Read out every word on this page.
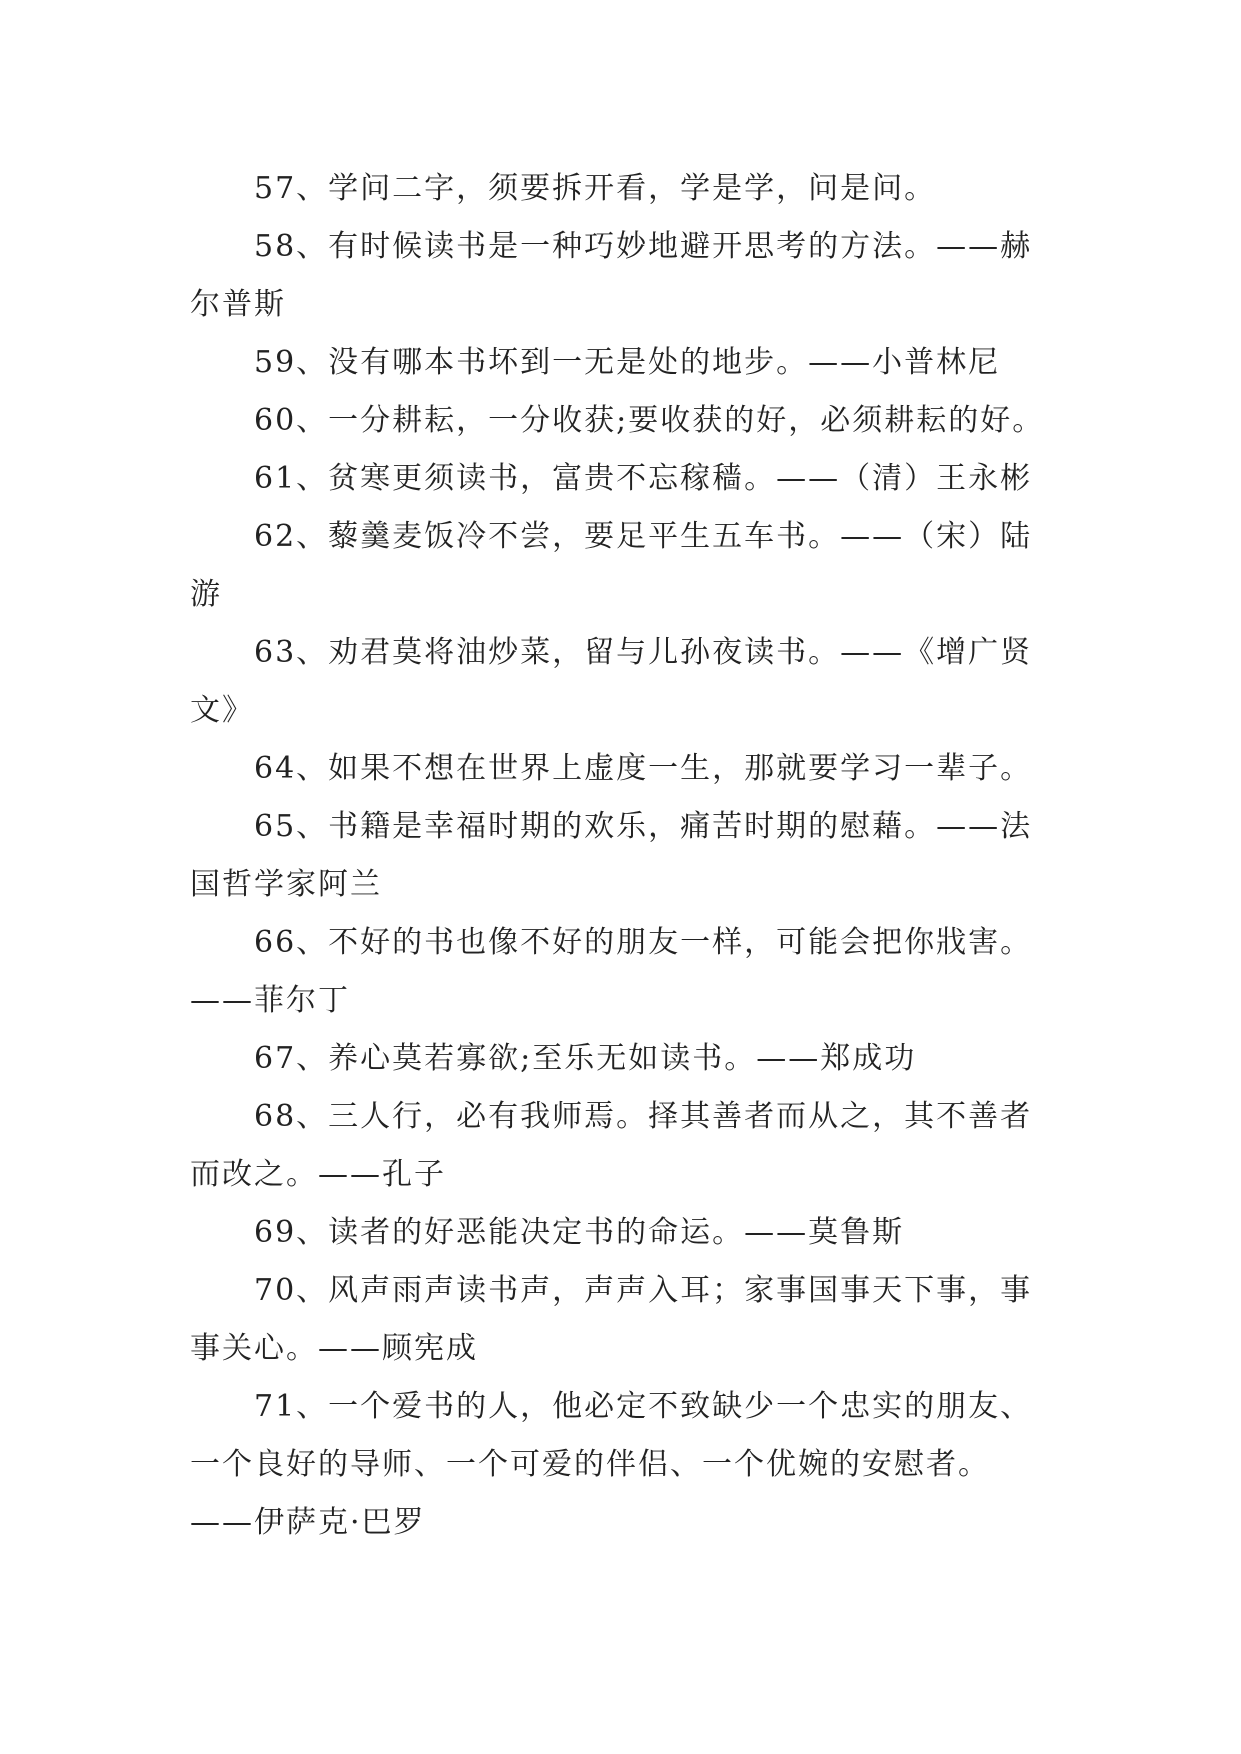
57、学问二字，须要拆开看，学是学，问是问。

58、有时候读书是一种巧妙地避开思考的方法。——赫尔普斯

59、没有哪本书坏到一无是处的地步。——小普林尼

60、一分耕耘，一分收获;要收获的好，必须耕耘的好。

61、贫寒更须读书，富贵不忘稼穑。——（清）王永彬

62、藜羹麦饭冷不尝，要足平生五车书。——（宋）陆游

63、劝君莫将油炒菜，留与儿孙夜读书。——《增广贤文》

64、如果不想在世界上虚度一生，那就要学习一辈子。

65、书籍是幸福时期的欢乐，痛苦时期的慰藉。——法国哲学家阿兰

66、不好的书也像不好的朋友一样，可能会把你戕害。——菲尔丁

67、养心莫若寡欲;至乐无如读书。——郑成功

68、三人行，必有我师焉。择其善者而从之，其不善者而改之。——孔子

69、读者的好恶能决定书的命运。——莫鲁斯

70、风声雨声读书声，声声入耳；家事国事天下事，事事关心。——顾宪成

71、一个爱书的人，他必定不致缺少一个忠实的朋友、一个良好的导师、一个可爱的伴侣、一个优婉的安慰者。——伊萨克·巴罗
